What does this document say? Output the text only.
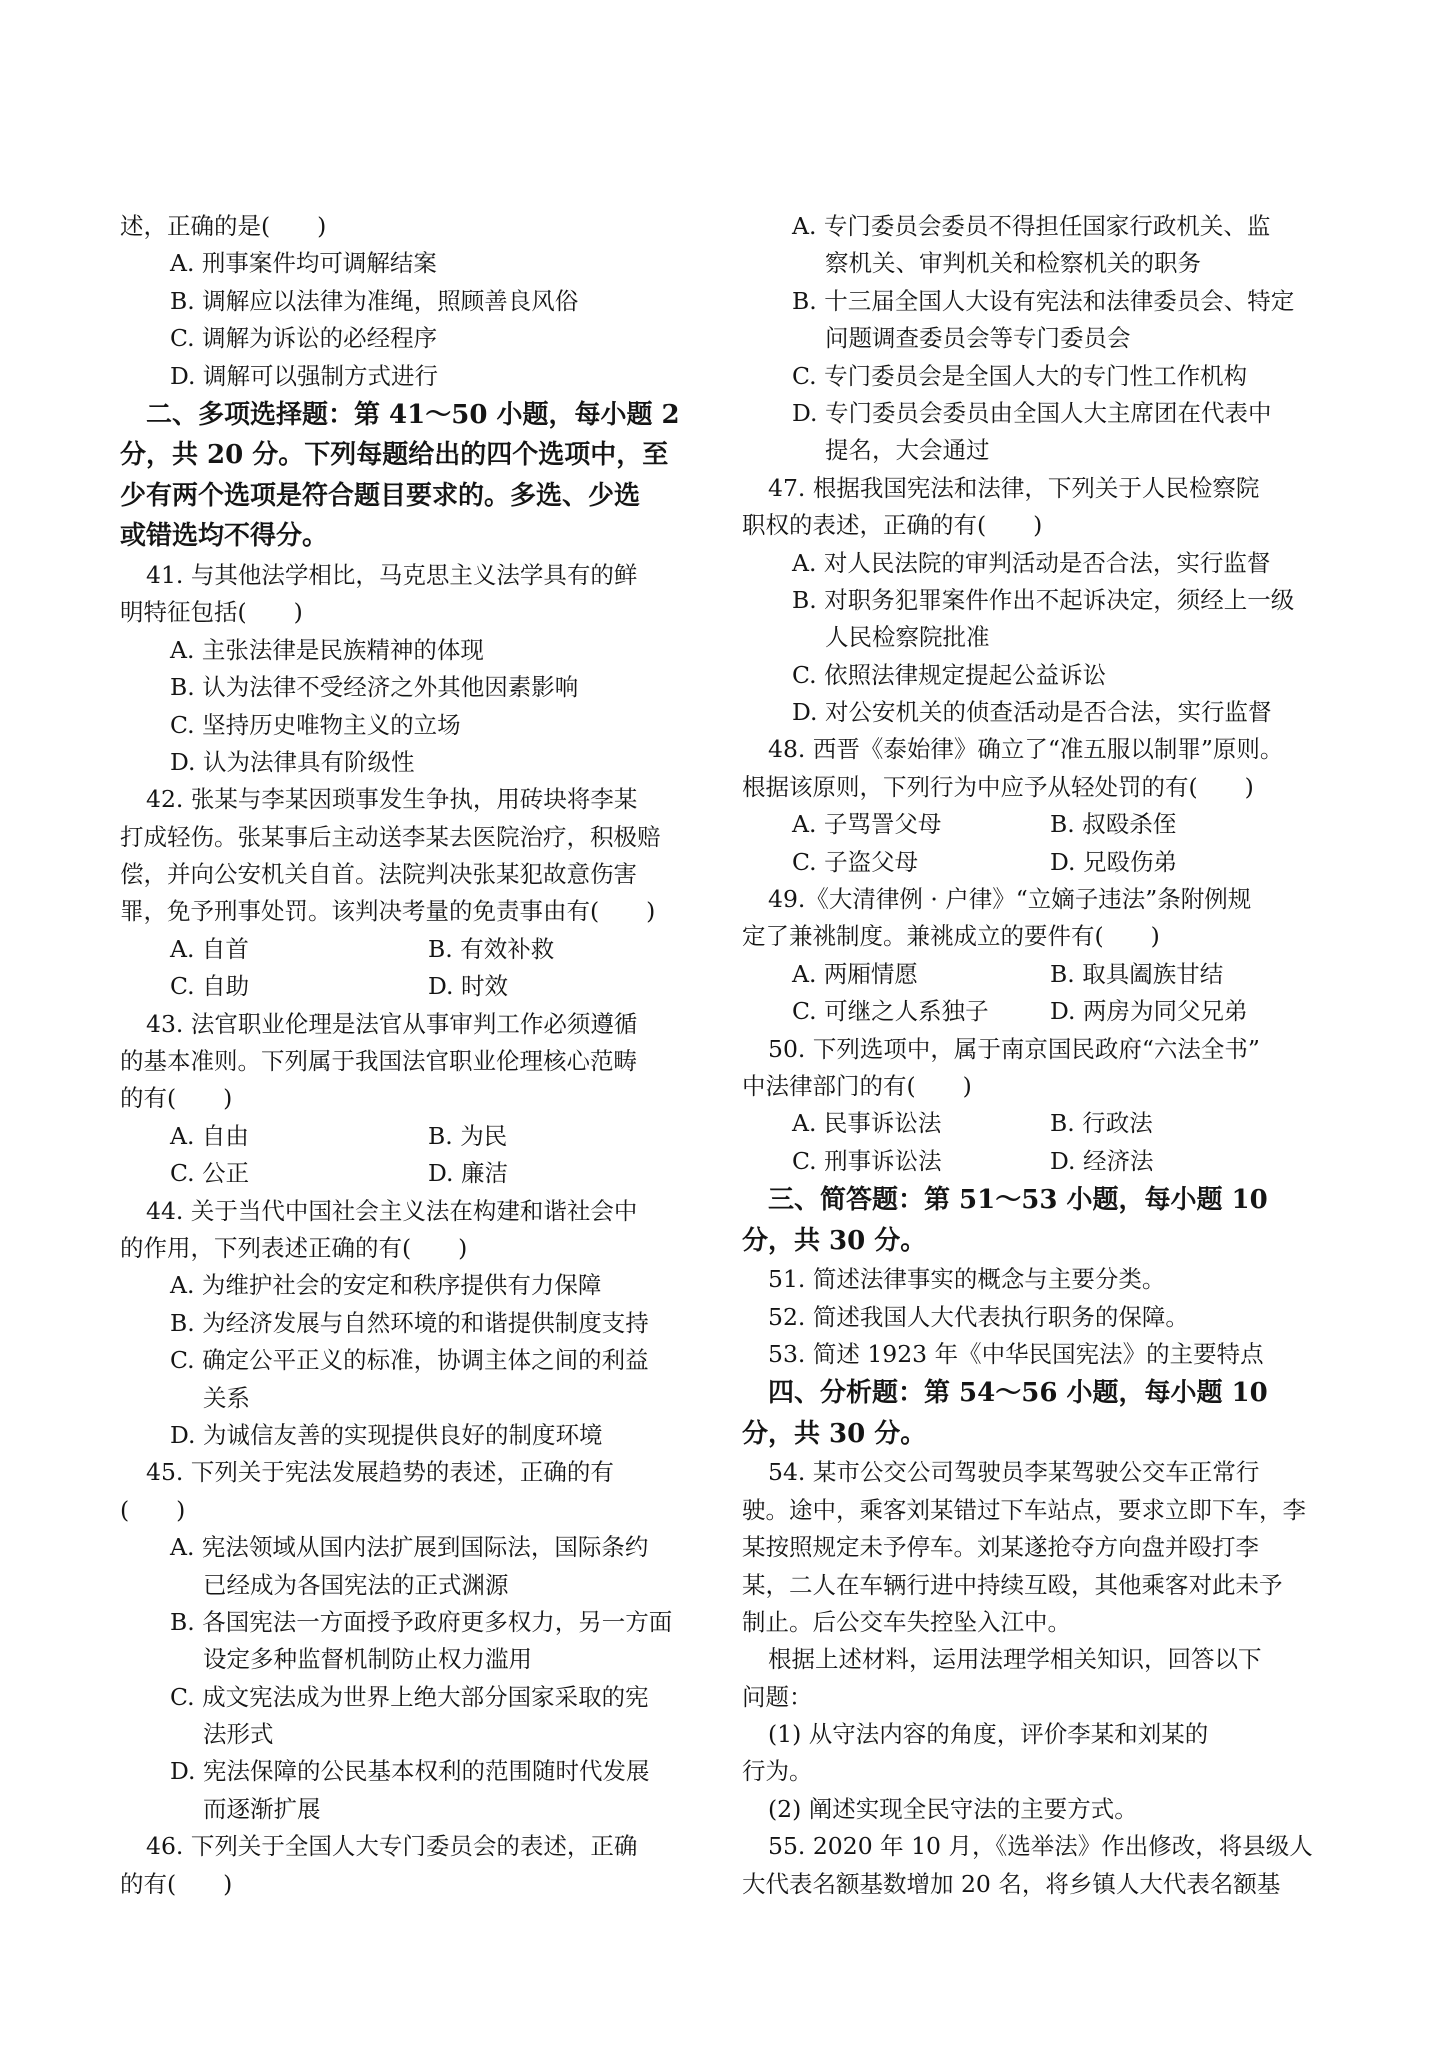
述，正确的是(　　)
A. 刑事案件均可调解结案
B. 调解应以法律为准绳，照顾善良风俗
C. 调解为诉讼的必经程序
D. 调解可以强制方式进行
二、多项选择题：第 41～50 小题，每小题 2
分，共 20 分。下列每题给出的四个选项中，至
少有两个选项是符合题目要求的。多选、少选
或错选均不得分。
41. 与其他法学相比，马克思主义法学具有的鲜
明特征包括(　　)
A. 主张法律是民族精神的体现
B. 认为法律不受经济之外其他因素影响
C. 坚持历史唯物主义的立场
D. 认为法律具有阶级性
42. 张某与李某因琐事发生争执，用砖块将李某
打成轻伤。张某事后主动送李某去医院治疗，积极赔
偿，并向公安机关自首。法院判决张某犯故意伤害
罪，免予刑事处罚。该判决考量的免责事由有(　　)
A. 自首	B. 有效补救
C. 自助	D. 时效
43. 法官职业伦理是法官从事审判工作必须遵循
的基本准则。下列属于我国法官职业伦理核心范畴
的有(　　)
A. 自由	B. 为民
C. 公正	D. 廉洁
44. 关于当代中国社会主义法在构建和谐社会中
的作用，下列表述正确的有(　　)
A. 为维护社会的安定和秩序提供有力保障
B. 为经济发展与自然环境的和谐提供制度支持
C. 确定公平正义的标准，协调主体之间的利益
关系
D. 为诚信友善的实现提供良好的制度环境
45. 下列关于宪法发展趋势的表述，正确的有
(　　)
A. 宪法领域从国内法扩展到国际法，国际条约
已经成为各国宪法的正式渊源
B. 各国宪法一方面授予政府更多权力，另一方面
设定多种监督机制防止权力滥用
C. 成文宪法成为世界上绝大部分国家采取的宪
法形式
D. 宪法保障的公民基本权利的范围随时代发展
而逐渐扩展
46. 下列关于全国人大专门委员会的表述，正确
的有(　　)
A. 专门委员会委员不得担任国家行政机关、监
察机关、审判机关和检察机关的职务
B. 十三届全国人大设有宪法和法律委员会、特定
问题调查委员会等专门委员会
C. 专门委员会是全国人大的专门性工作机构
D. 专门委员会委员由全国人大主席团在代表中
提名，大会通过
47. 根据我国宪法和法律，下列关于人民检察院
职权的表述，正确的有(　　)
A. 对人民法院的审判活动是否合法，实行监督
B. 对职务犯罪案件作出不起诉决定，须经上一级
人民检察院批准
C. 依照法律规定提起公益诉讼
D. 对公安机关的侦查活动是否合法，实行监督
48. 西晋《泰始律》确立了“准五服以制罪”原则。
根据该原则，下列行为中应予从轻处罚的有(　　)
A. 子骂詈父母	B. 叔殴杀侄
C. 子盗父母	D. 兄殴伤弟
49.《大清律例 · 户律》“立嫡子违法”条附例规
定了兼祧制度。兼祧成立的要件有(　　)
A. 两厢情愿	B. 取具阖族甘结
C. 可继之人系独子	D. 两房为同父兄弟
50. 下列选项中，属于南京国民政府“六法全书”
中法律部门的有(　　)
A. 民事诉讼法	B. 行政法
C. 刑事诉讼法	D. 经济法
三、简答题：第 51～53 小题，每小题 10
分，共 30 分。
51. 简述法律事实的概念与主要分类。
52. 简述我国人大代表执行职务的保障。
53. 简述 1923 年《中华民国宪法》的主要特点
四、分析题：第 54～56 小题，每小题 10
分，共 30 分。
54. 某市公交公司驾驶员李某驾驶公交车正常行
驶。途中，乘客刘某错过下车站点，要求立即下车，李
某按照规定未予停车。刘某遂抢夺方向盘并殴打李
某，二人在车辆行进中持续互殴，其他乘客对此未予
制止。后公交车失控坠入江中。
根据上述材料，运用法理学相关知识，回答以下
问题：
(1) 从守法内容的角度，评价李某和刘某的
行为。
(2) 阐述实现全民守法的主要方式。
55. 2020 年 10 月，《选举法》作出修改，将县级人
大代表名额基数增加 20 名，将乡镇人大代表名额基
